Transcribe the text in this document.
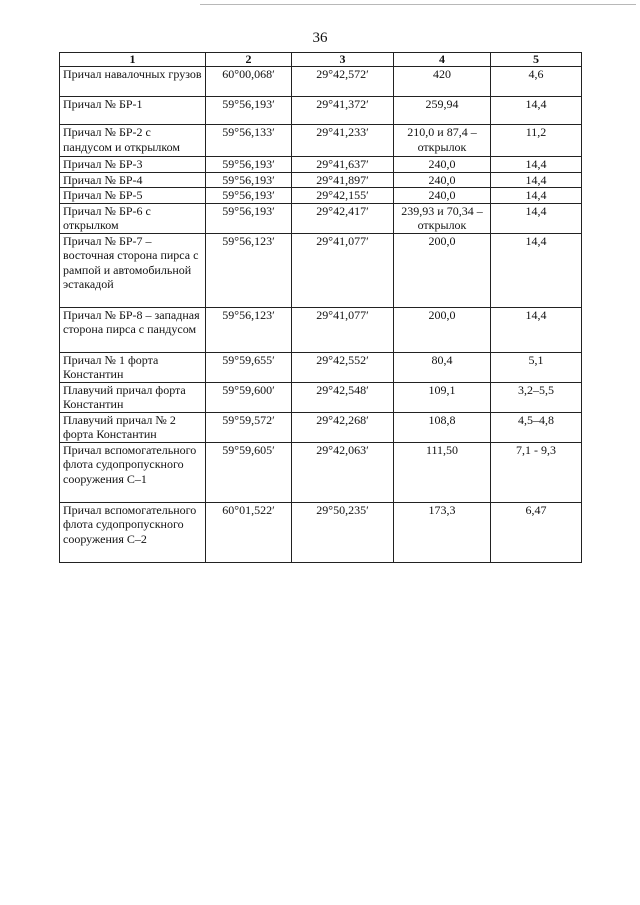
36
1	2	3	4	5
Причал навалочных грузов	60°00,068′	29°42,572′	420	4,6
Причал № БР-1	59°56,193′	29°41,372′	259,94	14,4
Причал № БР-2 с пандусом и открылком	59°56,133′	29°41,233′	210,0 и 87,4 – открылок	11,2
Причал № БР-3	59°56,193′	29°41,637′	240,0	14,4
Причал № БР-4	59°56,193′	29°41,897′	240,0	14,4
Причал № БР-5	59°56,193′	29°42,155′	240,0	14,4
Причал № БР-6 с открылком	59°56,193′	29°42,417′	239,93 и 70,34 – открылок	14,4
Причал № БР-7 – восточная сторона пирса с рампой и автомобильной эстакадой	59°56,123′	29°41,077′	200,0	14,4
Причал № БР-8 – западная сторона пирса с пандусом	59°56,123′	29°41,077′	200,0	14,4
Причал № 1 форта Константин	59°59,655′	29°42,552′	80,4	5,1
Плавучий причал форта Константин	59°59,600′	29°42,548′	109,1	3,2–5,5
Плавучий причал № 2 форта Константин	59°59,572′	29°42,268′	108,8	4,5–4,8
Причал вспомогательного флота судопропускного сооружения С–1	59°59,605′	29°42,063′	111,50	7,1 - 9,3
Причал вспомогательного флота судопропускного сооружения С–2	60°01,522′	29°50,235′	173,3	6,47
